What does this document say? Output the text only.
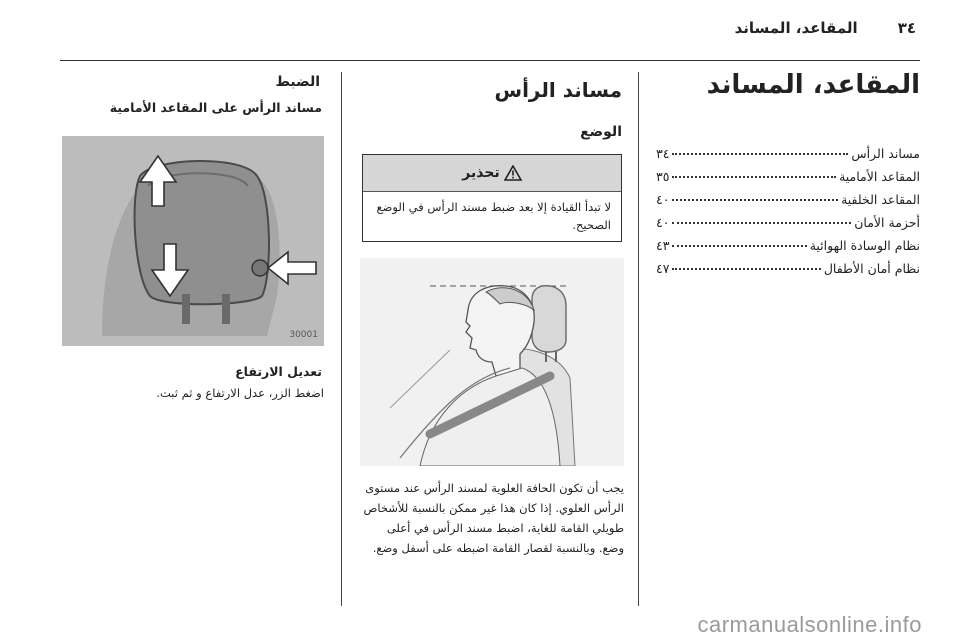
٣٤
المقاعد، المساند
المقاعد، المساند
مساند الرأس
٣٤
المقاعد الأمامية
٣٥
المقاعد الخلفية
٤٠
أحزمة الأمان
٤٠
نظام الوسادة الهوائية
٤٣
نظام أمان الأطفال
٤٧
مساند الرأس
الوضع
تحذير
لا تبدأ القيادة إلا بعد ضبط مسند الرأس في الوضع الصحيح.
يجب أن تكون الحافة العلوية لمسند الرأس عند مستوى الرأس العلوي. إذا كان هذا غير ممكن بالنسبة للأشخاص طويلي القامة للغاية، اضبط مسند الرأس في أعلى وضع. وبالنسبة لقصار القامة اضبطه على أسفل وضع.
الضبط
مساند الرأس على المقاعد الأمامية
30001
تعديل الارتفاع
اضغط الزر، عدل الارتفاع و ثم ثبت.
carmanualsonline.info
